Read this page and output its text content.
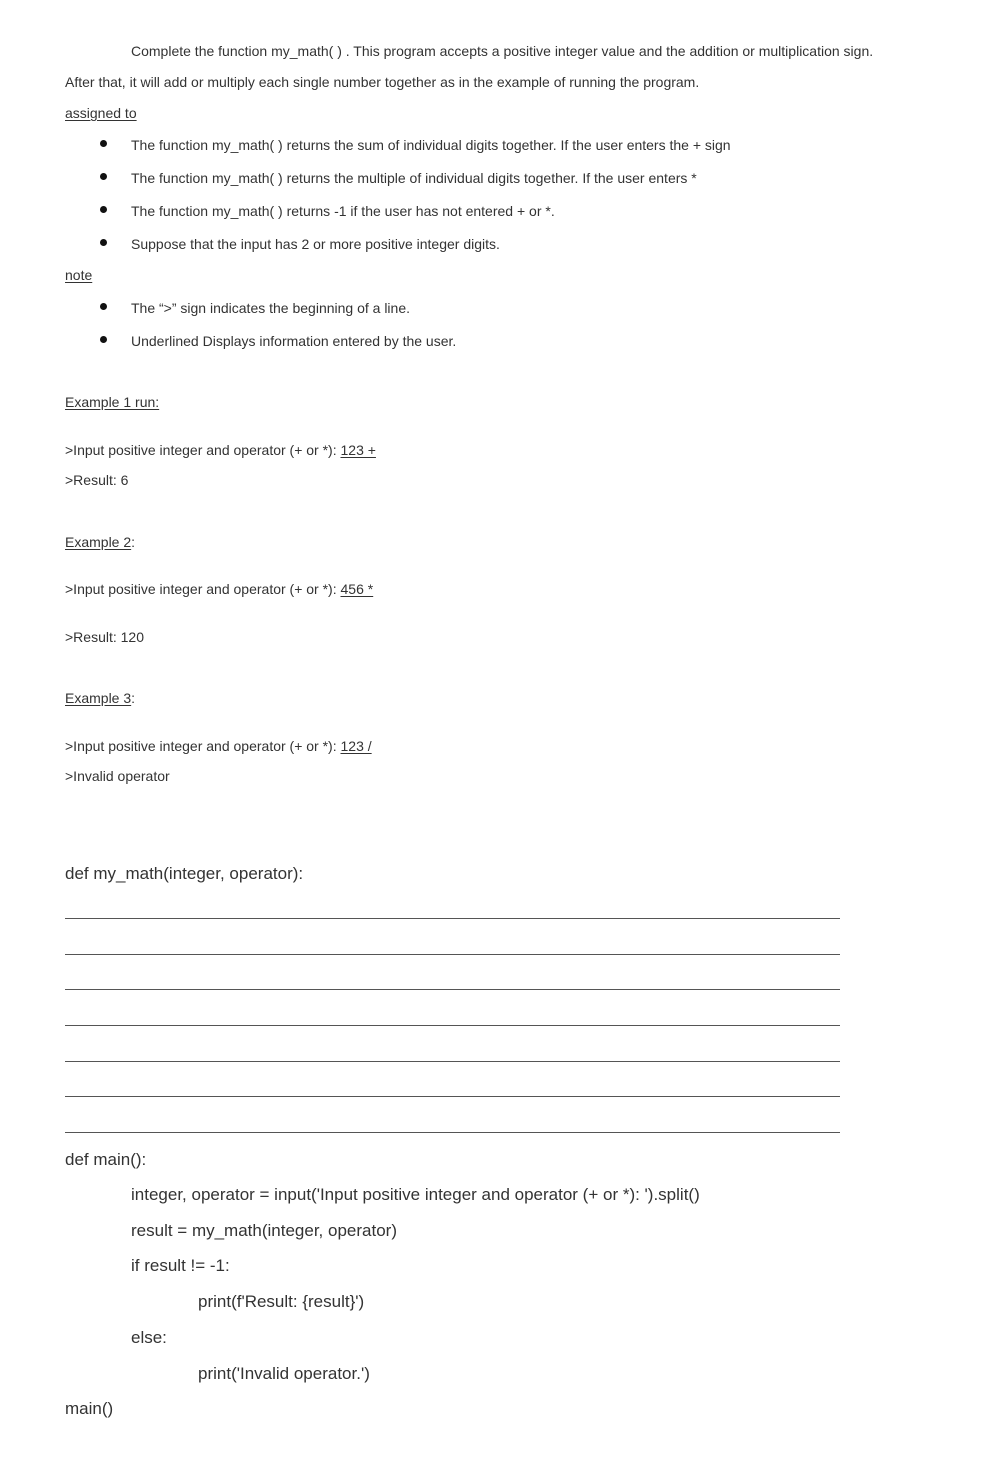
Complete the function my_math( ) . This program accepts a positive integer value and the addition or multiplication sign.
After that, it will add or multiply each single number together as in the example of running the program.
assigned to
The function my_math( ) returns the sum of individual digits together. If the user enters the + sign
The function my_math( ) returns the multiple of individual digits together. If the user enters *
The function my_math( ) returns -1 if the user has not entered + or *.
Suppose that the input has 2 or more positive integer digits.
note
The “>” sign indicates the beginning of a line.
Underlined Displays information entered by the user.
Example 1 run:
>Input positive integer and operator (+ or *): 123 +
>Result: 6
Example 2:
>Input positive integer and operator (+ or *): 456 *
>Result: 120
Example 3:
>Input positive integer and operator (+ or *): 123 /
>Invalid operator
def my_math(integer, operator):
def main():
integer, operator = input('Input positive integer and operator (+ or *): ').split()
result = my_math(integer, operator)
if result != -1:
print(f'Result: {result}')
else:
print('Invalid operator.')
main()
